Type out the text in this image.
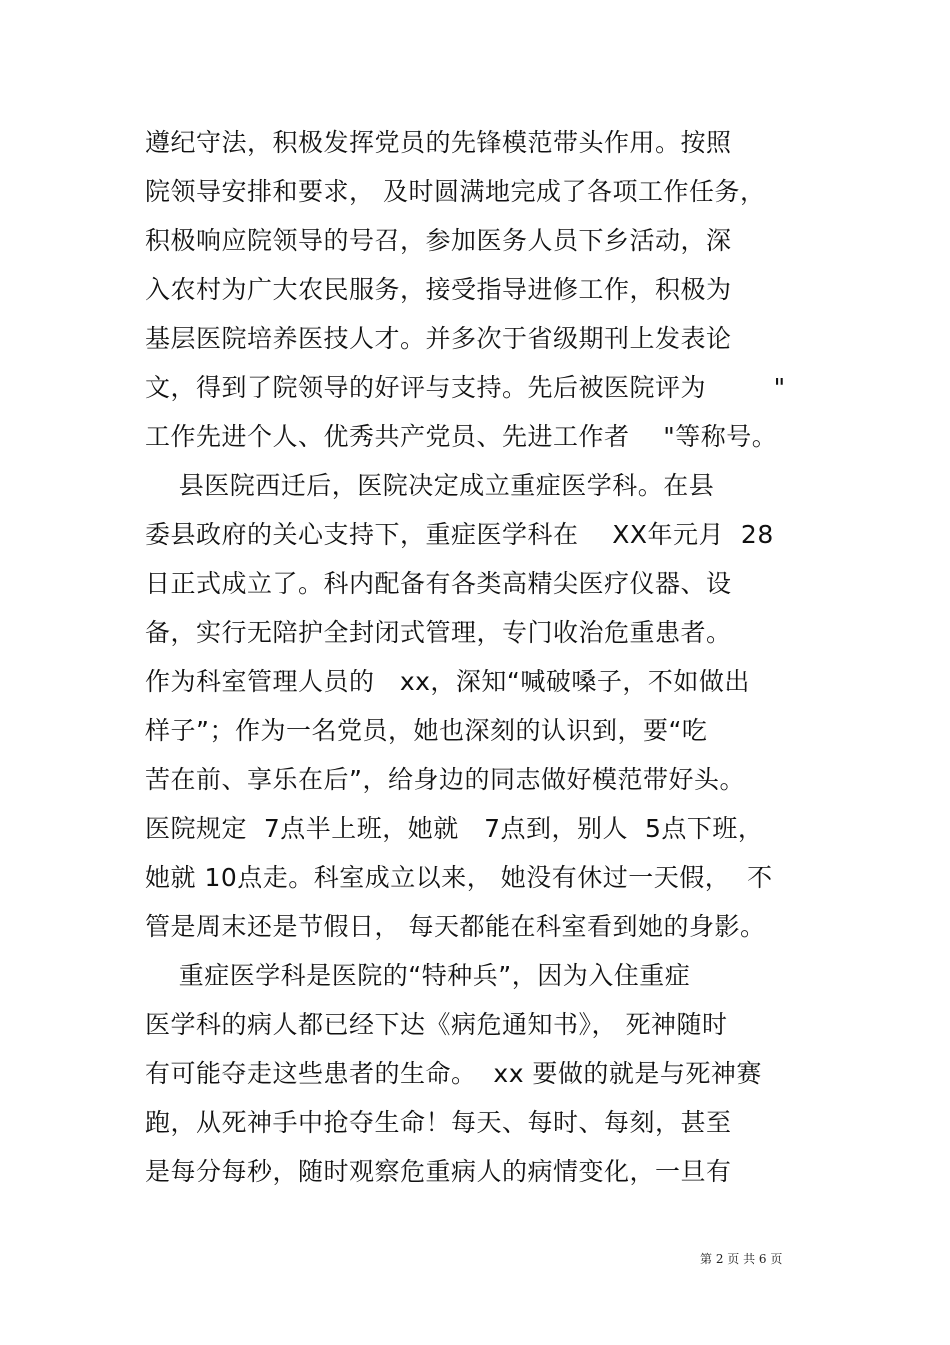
遵纪守法，积极发挥党员的先锋模范带头作用。按照
院领导安排和要求， 及时圆满地完成了各项工作任务，
积极响应院领导的号召，参加医务人员下乡活动，深
入农村为广大农民服务，接受指导进修工作，积极为
基层医院培养医技人才。并多次于省级期刊上发表论
文，得到了院领导的好评与支持。先后被医院评为        "
工作先进个人、优秀共产党员、先进工作者    "等称号。
县医院西迁后，医院决定成立重症医学科。在县
委县政府的关心支持下，重症医学科在    XX年元月  28
日正式成立了。科内配备有各类高精尖医疗仪器、设
备，实行无陪护全封闭式管理，专门收治危重患者。
作为科室管理人员的   xx，深知“喊破嗓子，不如做出
样子”；作为一名党员，她也深刻的认识到，要“吃
苦在前、享乐在后”，给身边的同志做好模范带好头。
医院规定  7点半上班，她就   7点到，别人  5点下班，
她就 10点走。科室成立以来， 她没有休过一天假，  不
管是周末还是节假日， 每天都能在科室看到她的身影。
重症医学科是医院的“特种兵”，因为入住重症
医学科的病人都已经下达《病危通知书》， 死神随时
有可能夺走这些患者的生命。  xx 要做的就是与死神赛
跑，从死神手中抢夺生命！每天、每时、每刻，甚至
是每分每秒，随时观察危重病人的病情变化，一旦有
第 2 页 共 6 页
